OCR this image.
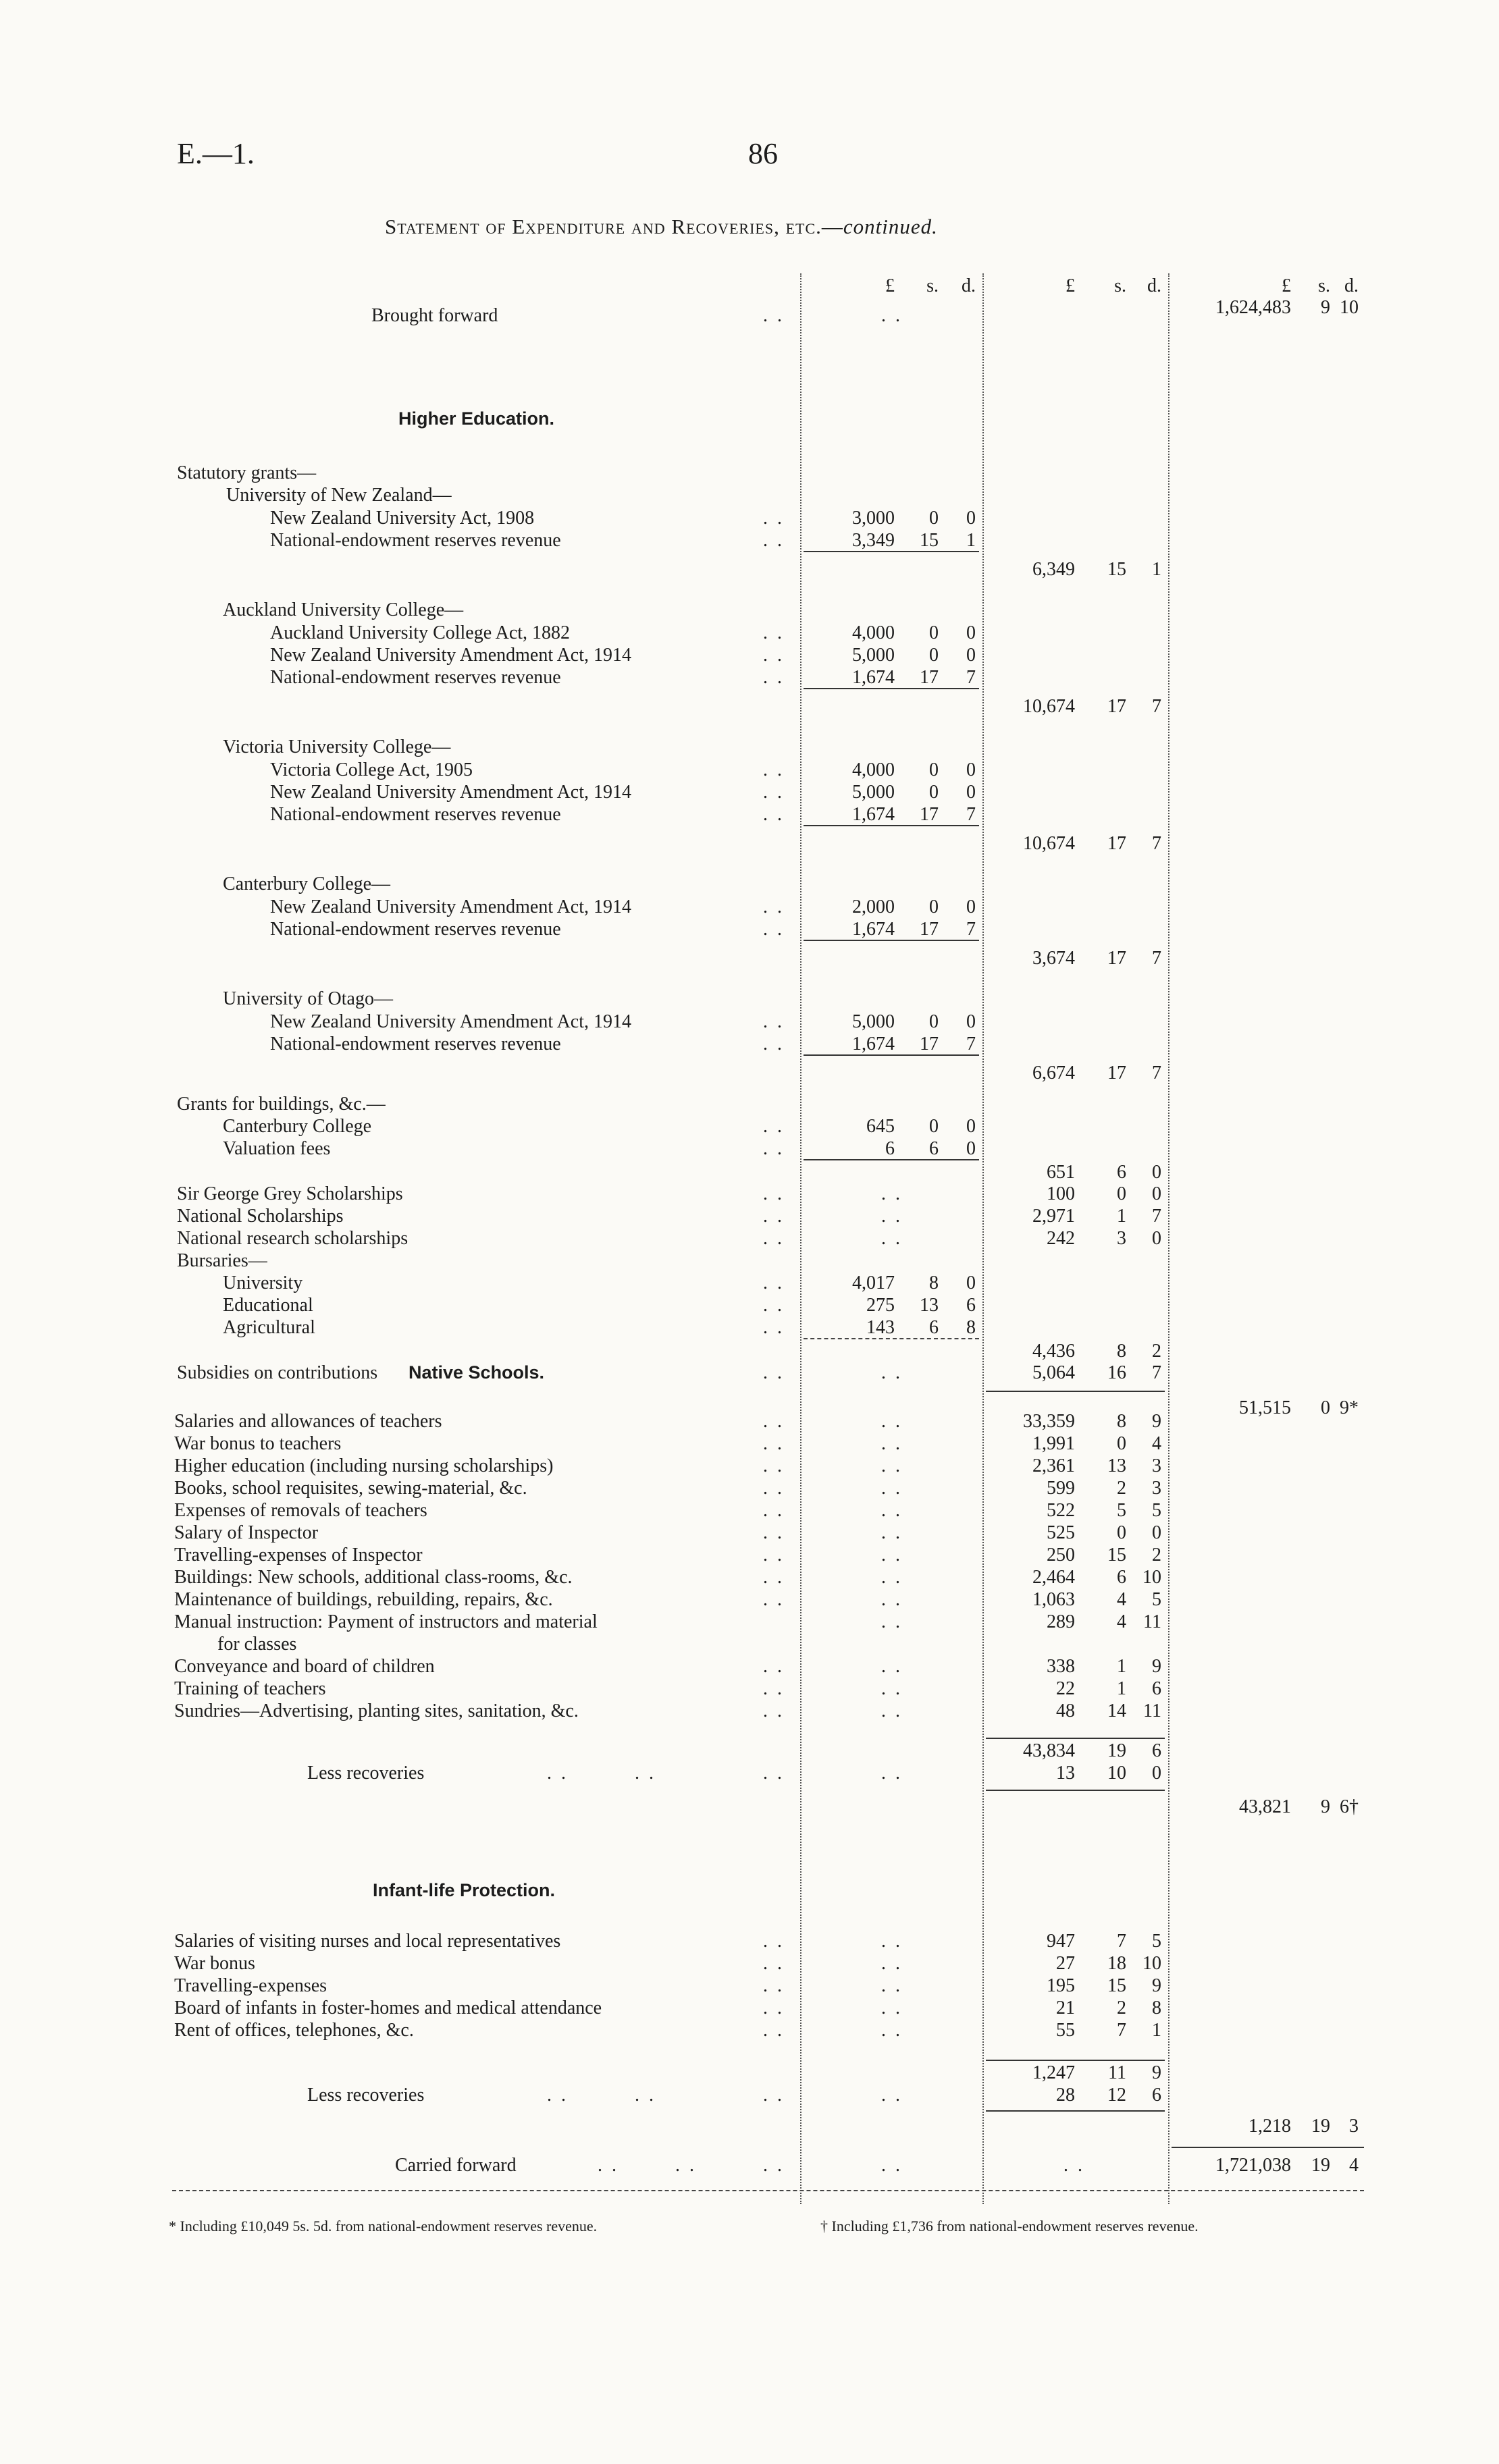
E.—1.	86
Statement of Expenditure and Recoveries, etc.—continued.
£	s.	d.	£	s.	d.	£	s. d.
Brought forward	..	..	1,624,483	9 10
Higher Education.
Statutory grants—
University of New Zealand—
New Zealand University Act, 1908	..	3,000	0	0
National-endowment reserves revenue	..	3,349	15	1
6,349	15	1
Auckland University College—
Auckland University College Act, 1882	..	4,000	0	0
New Zealand University Amendment Act, 1914	..	5,000	0	0
National-endowment reserves revenue	..	1,674	17	7
10,674	17	7
Victoria University College—
Victoria College Act, 1905	..	4,000	0	0
New Zealand University Amendment Act, 1914	..	5,000	0	0
National-endowment reserves revenue	..	1,674	17	7
10,674	17	7
Canterbury College—
New Zealand University Amendment Act, 1914	..	2,000	0	0
National-endowment reserves revenue	..	1,674	17	7
3,674	17	7
University of Otago—
New Zealand University Amendment Act, 1914	..	5,000	0	0
National-endowment reserves revenue	..	1,674	17	7
6,674	17	7
Grants for buildings, &c.—
Canterbury College	..	645	0	0
Valuation fees	..	6	6	0
651	6	0
Sir George Grey Scholarships	..	..	100	0	0
National Scholarships	..	..	2,971	1	7
National research scholarships	..	..	242	3	0
Bursaries—
University	..	4,017	8	0
Educational	..	275	13	6
Agricultural	..	143	6	8
4,436	8	2
Subsidies on contributions	..	..	5,064	16	7
51,515	0 9*
Native Schools.
Salaries and allowances of teachers	..	..	33,359	8	9
War bonus to teachers	..	..	1,991	0	4
Higher education (including nursing scholarships)	..	..	2,361	13	3
Books, school requisites, sewing-material, &c.	..	..	599	2	3
Expenses of removals of teachers	..	..	522	5	5
Salary of Inspector	..	..	525	0	0
Travelling-expenses of Inspector	..	..	250	15	2
Buildings: New schools, additional class-rooms, &c.	..	..	2,464	6 10
Maintenance of buildings, rebuilding, repairs, &c.	..	..	1,063	4	5
Manual instruction: Payment of instructors and material	..	289	4 11
for classes
Conveyance and board of children	..	..	338	1	9
Training of teachers	..	..	22	1	6
Sundries—Advertising, planting sites, sanitation, &c.	..	..	48	14 11
43,834	19	6
Less recoveries	..	..	..	..	13	10	0
43,821	9 6†
Infant-life Protection.
Salaries of visiting nurses and local representatives	..	..	947	7	5
War bonus	..	..	27	18 10
Travelling-expenses	..	..	195	15	9
Board of infants in foster-homes and medical attendance	..	..	21	2	8
Rent of offices, telephones, &c.	..	..	55	7	1
1,247	11	9
Less recoveries	..	..	..	..	28	12	6
1,218	19	3
Carried forward	..	..	..	..	..	1,721,038	19	4
* Including £10,049 5s. 5d. from national-endowment reserves revenue.	† Including £1,736 from national-endowment reserves revenue.
